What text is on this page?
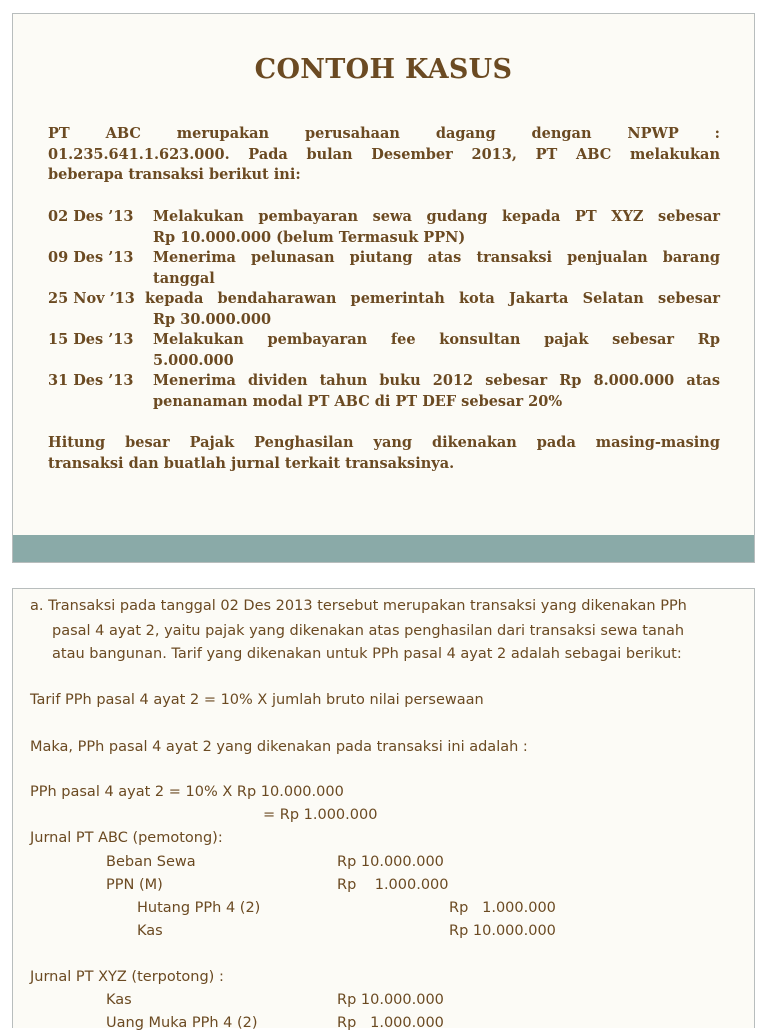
CONTOH KASUS
PT ABC merupakan perusahaan dagang dengan NPWP :
01.235.641.1.623.000. Pada bulan Desember 2013, PT ABC melakukan
beberapa transaksi berikut ini:
02 Des ’13 Melakukan pembayaran sewa gudang kepada PT XYZ sebesar
Rp 10.000.000 (belum Termasuk PPN)
09 Des ’13 Menerima pelunasan piutang atas transaksi penjualan barang
tanggal
25 Nov ’13 kepada bendaharawan pemerintah kota Jakarta Selatan sebesar
Rp 30.000.000
15 Des ’13 Melakukan pembayaran fee konsultan pajak sebesar Rp
5.000.000
31 Des ’13 Menerima dividen tahun buku 2012 sebesar Rp 8.000.000 atas
penanaman modal PT ABC di PT DEF sebesar 20%
Hitung besar Pajak Penghasilan yang dikenakan pada masing-masing
transaksi dan buatlah jurnal terkait transaksinya.
a. Transaksi pada tanggal 02 Des 2013 tersebut merupakan transaksi yang dikenakan PPh
pasal 4 ayat 2, yaitu pajak yang dikenakan atas penghasilan dari transaksi sewa tanah
atau bangunan. Tarif yang dikenakan untuk PPh pasal 4 ayat 2 adalah sebagai berikut:
Tarif PPh pasal 4 ayat 2 = 10% X jumlah bruto nilai persewaan
Maka, PPh pasal 4 ayat 2 yang dikenakan pada transaksi ini adalah :
PPh pasal 4 ayat 2 = 10% X Rp 10.000.000
= Rp 1.000.000
Jurnal PT ABC (pemotong):
Beban Sewa	Rp 10.000.000
PPN (M)	Rp    1.000.000
Hutang PPh 4 (2)	Rp   1.000.000
Kas	Rp 10.000.000
Jurnal PT XYZ (terpotong) :
Kas	Rp 10.000.000
Uang Muka PPh 4 (2)	Rp   1.000.000
